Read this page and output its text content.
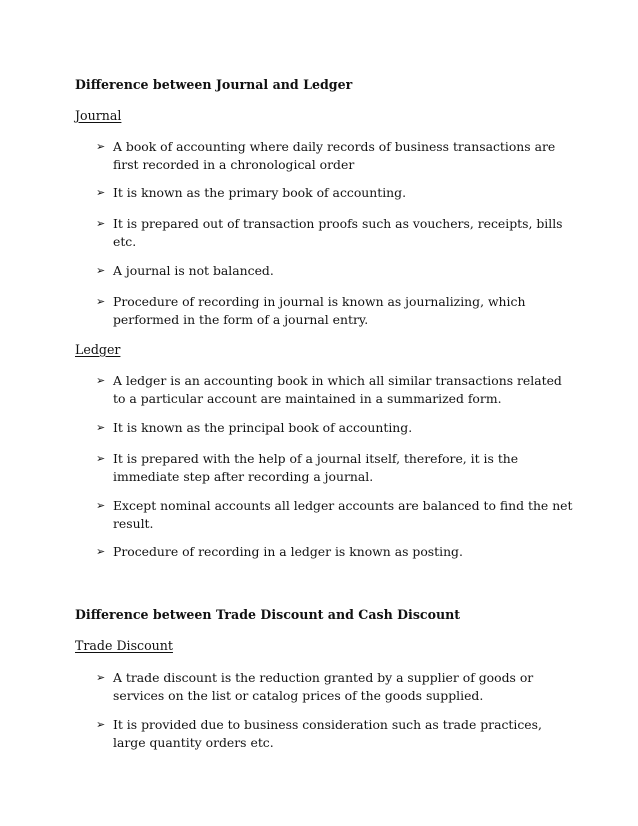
Difference between Journal and Ledger
Journal
➢ A book of accounting where daily records of business transactions are
first recorded in a chronological order
➢ It is known as the primary book of accounting.
➢ It is prepared out of transaction proofs such as vouchers, receipts, bills
etc.
➢ A journal is not balanced.
➢ Procedure of recording in journal is known as journalizing, which
performed in the form of a journal entry.
Ledger
➢ A ledger is an accounting book in which all similar transactions related
to a particular account are maintained in a summarized form.
➢ It is known as the principal book of accounting.
➢ It is prepared with the help of a journal itself, therefore, it is the
immediate step after recording a journal.
➢ Except nominal accounts all ledger accounts are balanced to find the net
result.
➢ Procedure of recording in a ledger is known as posting.
Difference between Trade Discount and Cash Discount
Trade Discount
➢ A trade discount is the reduction granted by a supplier of goods or
services on the list or catalog prices of the goods supplied.
➢ It is provided due to business consideration such as trade practices,
large quantity orders etc.
